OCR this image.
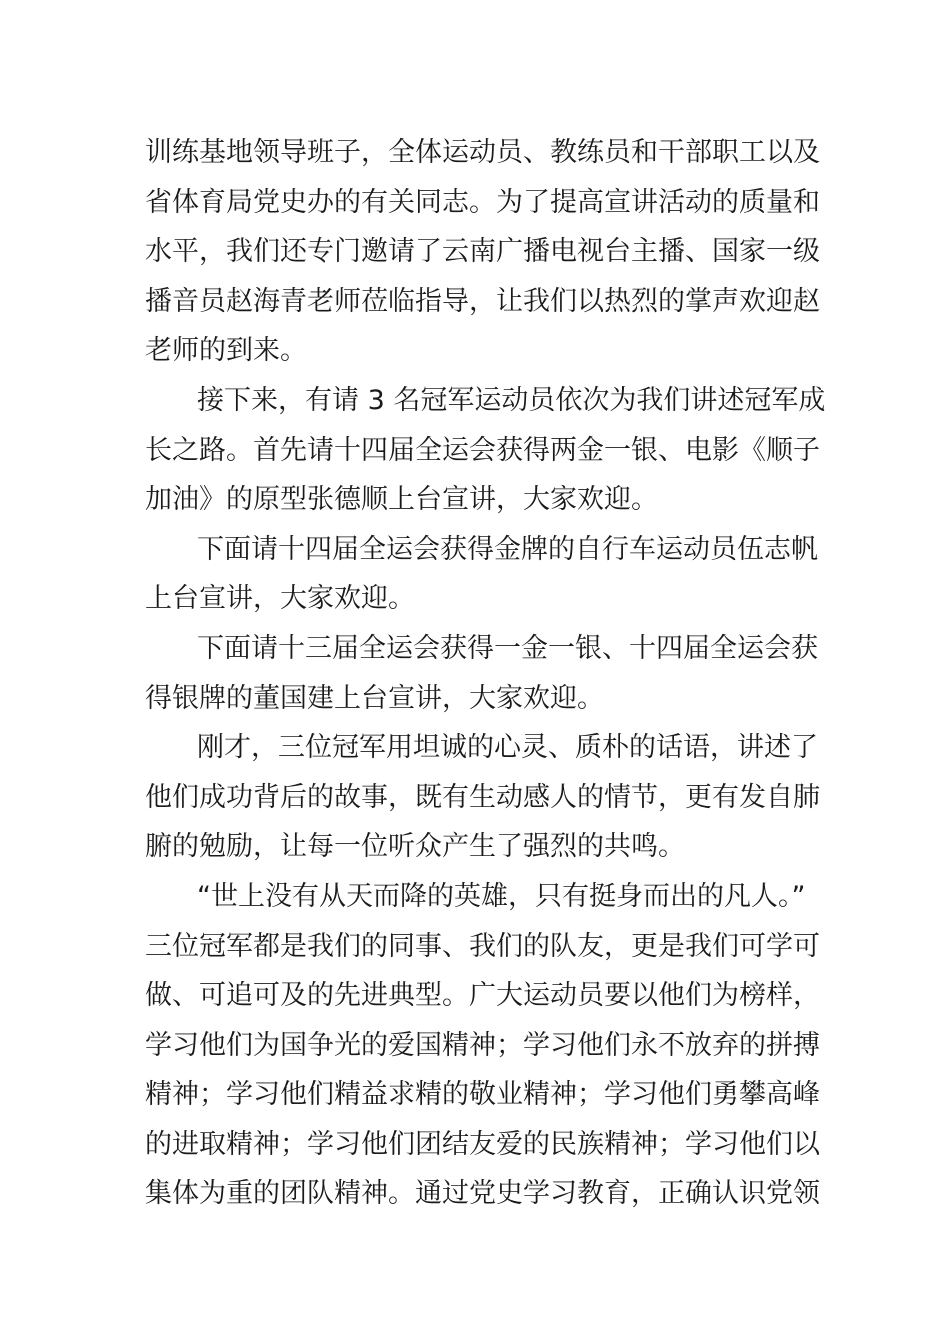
训练基地领导班子，全体运动员、教练员和干部职工以及
省体育局党史办的有关同志。为了提高宣讲活动的质量和
水平，我们还专门邀请了云南广播电视台主播、国家一级
播音员赵海青老师莅临指导，让我们以热烈的掌声欢迎赵
老师的到来。

接下来，有请 3 名冠军运动员依次为我们讲述冠军成
长之路。首先请十四届全运会获得两金一银、电影《顺子
加油》的原型张德顺上台宣讲，大家欢迎。

下面请十四届全运会获得金牌的自行车运动员伍志帆
上台宣讲，大家欢迎。

下面请十三届全运会获得一金一银、十四届全运会获
得银牌的董国建上台宣讲，大家欢迎。

刚才，三位冠军用坦诚的心灵、质朴的话语，讲述了
他们成功背后的故事，既有生动感人的情节，更有发自肺
腑的勉励，让每一位听众产生了强烈的共鸣。

“世上没有从天而降的英雄，只有挺身而出的凡人。”
三位冠军都是我们的同事、我们的队友，更是我们可学可
做、可追可及的先进典型。广大运动员要以他们为榜样，
学习他们为国争光的爱国精神；学习他们永不放弃的拼搏
精神；学习他们精益求精的敬业精神；学习他们勇攀高峰
的进取精神；学习他们团结友爱的民族精神；学习他们以
集体为重的团队精神。通过党史学习教育，正确认识党领
